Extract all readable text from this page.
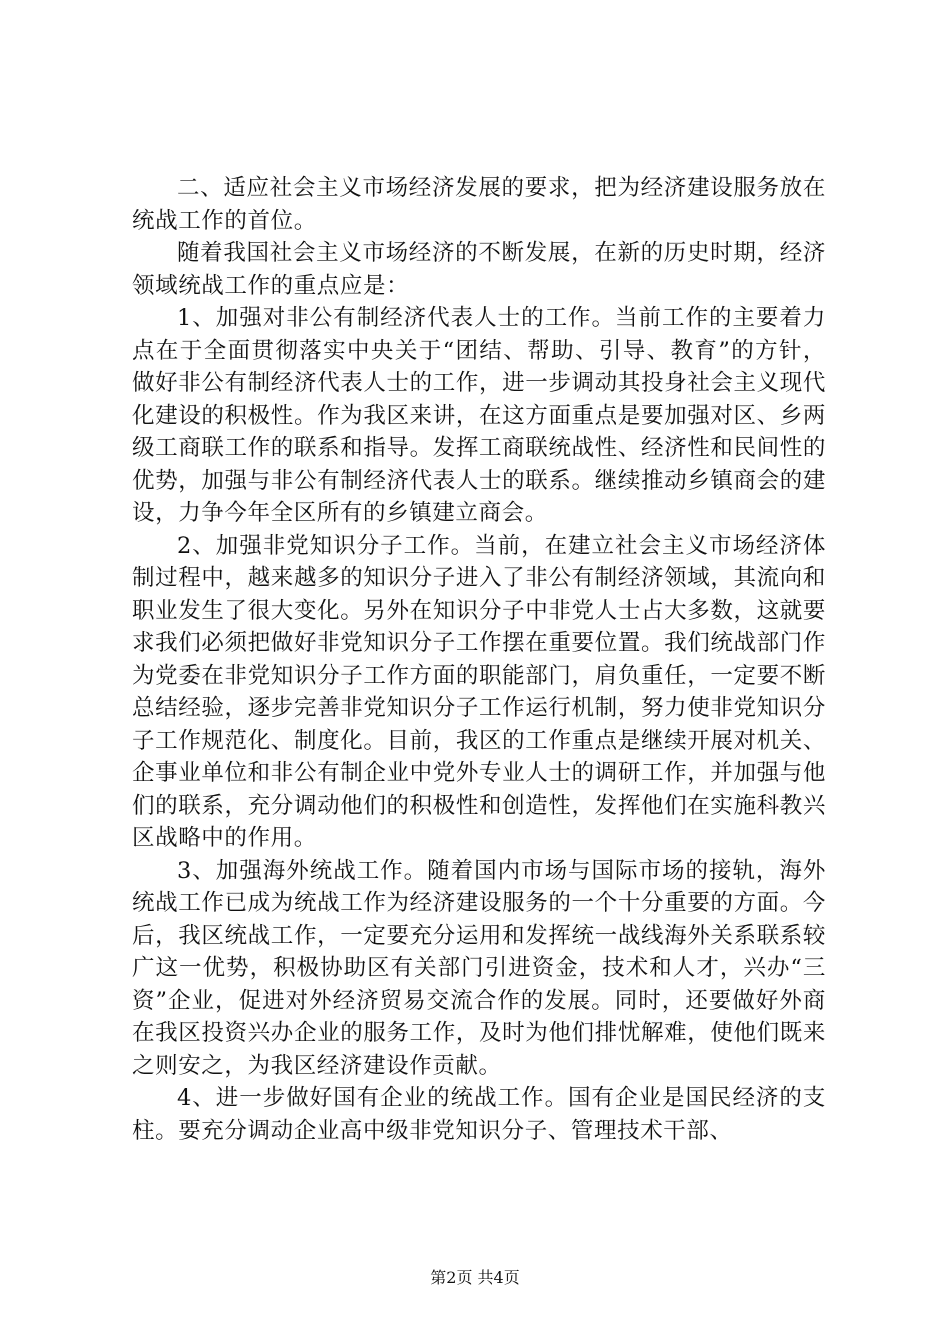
二、适应社会主义市场经济发展的要求，把为经济建设服务放在统战工作的首位。

随着我国社会主义市场经济的不断发展，在新的历史时期，经济领域统战工作的重点应是：

1、加强对非公有制经济代表人士的工作。当前工作的主要着力点在于全面贯彻落实中央关于“团结、帮助、引导、教育”的方针，做好非公有制经济代表人士的工作，进一步调动其投身社会主义现代化建设的积极性。作为我区来讲，在这方面重点是要加强对区、乡两级工商联工作的联系和指导。发挥工商联统战性、经济性和民间性的优势，加强与非公有制经济代表人士的联系。继续推动乡镇商会的建设，力争今年全区所有的乡镇建立商会。

2、加强非党知识分子工作。当前，在建立社会主义市场经济体制过程中，越来越多的知识分子进入了非公有制经济领域，其流向和职业发生了很大变化。另外在知识分子中非党人士占大多数，这就要求我们必须把做好非党知识分子工作摆在重要位置。我们统战部门作为党委在非党知识分子工作方面的职能部门，肩负重任，一定要不断总结经验，逐步完善非党知识分子工作运行机制，努力使非党知识分子工作规范化、制度化。目前，我区的工作重点是继续开展对机关、企事业单位和非公有制企业中党外专业人士的调研工作，并加强与他们的联系，充分调动他们的积极性和创造性，发挥他们在实施科教兴区战略中的作用。

3、加强海外统战工作。随着国内市场与国际市场的接轨，海外统战工作已成为统战工作为经济建设服务的一个十分重要的方面。今后，我区统战工作，一定要充分运用和发挥统一战线海外关系联系较广这一优势，积极协助区有关部门引进资金，技术和人才，兴办“三资”企业，促进对外经济贸易交流合作的发展。同时，还要做好外商在我区投资兴办企业的服务工作，及时为他们排忧解难，使他们既来之则安之，为我区经济建设作贡献。

4、进一步做好国有企业的统战工作。国有企业是国民经济的支柱。要充分调动企业高中级非党知识分子、管理技术干部、

第2页 共4页
